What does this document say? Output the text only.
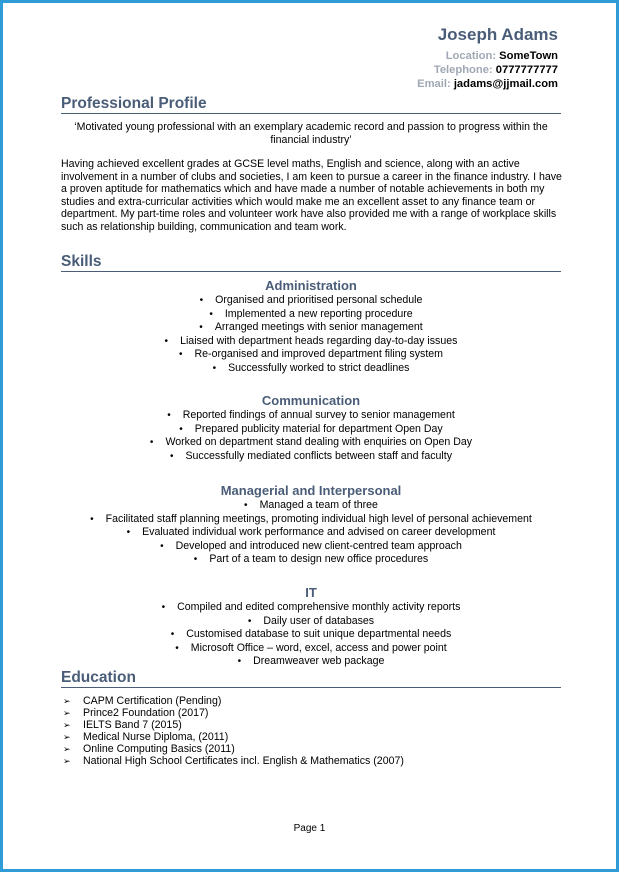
Joseph Adams
Location: SomeTown
Telephone: 0777777777
Email: jadams@jjmail.com
Professional Profile
‘Motivated young professional with an exemplary academic record and passion to progress within the financial industry’
Having achieved excellent grades at GCSE level maths, English and science, along with an active involvement in a number of clubs and societies, I am keen to pursue a career in the finance industry. I have a proven aptitude for mathematics which and have made a number of notable achievements in both my studies and extra-curricular activities which would make me an excellent asset to any finance team or department. My part-time roles and volunteer work have also provided me with a range of workplace skills such as relationship building, communication and team work.
Skills
Administration
• Organised and prioritised personal schedule
• Implemented a new reporting procedure
• Arranged meetings with senior management
• Liaised with department heads regarding day-to-day issues
• Re-organised and improved department filing system
• Successfully worked to strict deadlines
Communication
• Reported findings of annual survey to senior management
• Prepared publicity material for department Open Day
• Worked on department stand dealing with enquiries on Open Day
• Successfully mediated conflicts between staff and faculty
Managerial and Interpersonal
• Managed a team of three
• Facilitated staff planning meetings, promoting individual high level of personal achievement
• Evaluated individual work performance and advised on career development
• Developed and introduced new client-centred team approach
• Part of a team to design new office procedures
IT
• Compiled and edited comprehensive monthly activity reports
• Daily user of databases
• Customised database to suit unique departmental needs
• Microsoft Office – word, excel, access and power point
• Dreamweaver web package
Education
➢	CAPM Certification (Pending)
➢	Prince2 Foundation (2017)
➢	IELTS Band 7 (2015)
➢	Medical Nurse Diploma, (2011)
➢	Online Computing Basics (2011)
➢	National High School Certificates incl. English & Mathematics (2007)
Page 1
